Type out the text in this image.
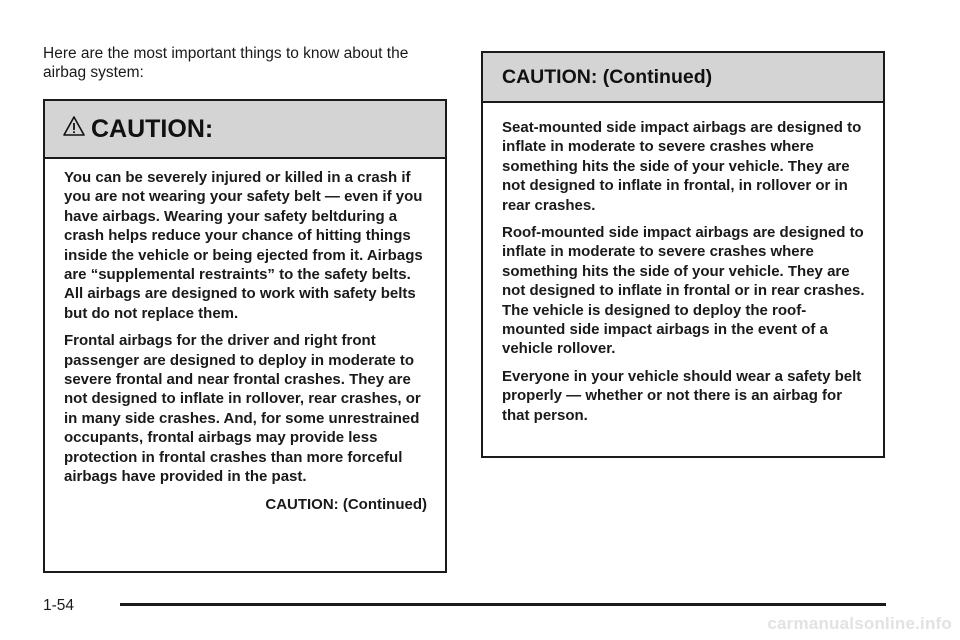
Here are the most important things to know about the airbag system:
CAUTION:

You can be severely injured or killed in a crash if you are not wearing your safety belt — even if you have airbags. Wearing your safety beltduring a crash helps reduce your chance of hitting things inside the vehicle or being ejected from it. Airbags are “supplemental restraints” to the safety belts. All airbags are designed to work with safety belts but do not replace them.

Frontal airbags for the driver and right front passenger are designed to deploy in moderate to severe frontal and near frontal crashes. They are not designed to inflate in rollover, rear crashes, or in many side crashes. And, for some unrestrained occupants, frontal airbags may provide less protection in frontal crashes than more forceful airbags have provided in the past.

CAUTION: (Continued)

CAUTION: (Continued)

Seat-mounted side impact airbags are designed to inflate in moderate to severe crashes where something hits the side of your vehicle. They are not designed to inflate in frontal, in rollover or in rear crashes.

Roof-mounted side impact airbags are designed to inflate in moderate to severe crashes where something hits the side of your vehicle. They are not designed to inflate in frontal or in rear crashes. The vehicle is designed to deploy the roof-mounted side impact airbags in the event of a vehicle rollover.

Everyone in your vehicle should wear a safety belt properly — whether or not there is an airbag for that person.

1-54
carmanualsonline.info
